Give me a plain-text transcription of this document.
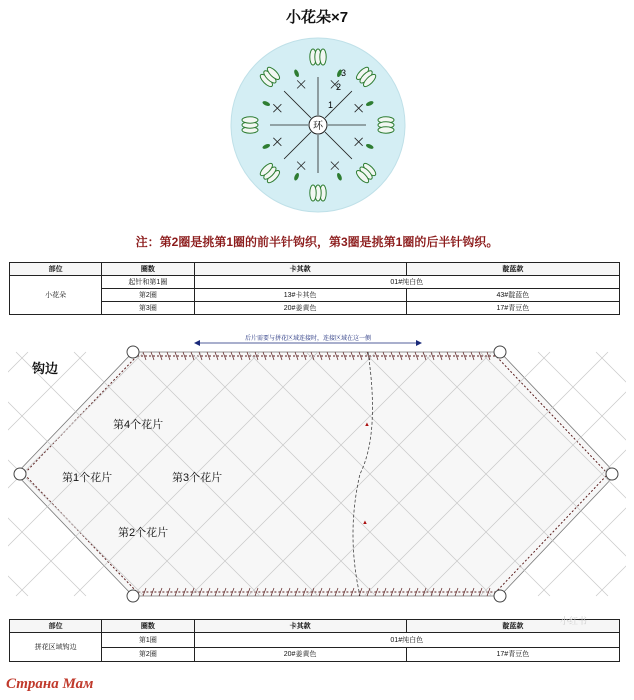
小花朵×7
环
1
2
3
注：第2圈是挑第1圈的前半针钩织，第3圈是挑第1圈的后半针钩织。
部位	圈数	卡其款	靛蓝款
小花朵	起针和第1圈	01#纯白色	
	第2圈	13#卡其色	43#靛蓝色
	第3圈	20#姜黄色	17#青豆色
钩边
后片需要与拼花区域连接时，连接区域在这一侧
▲
▲
第4个花片
第1个花片	第3个花片
第2个花片
部位	圈数	卡其款	靛蓝款
拼花区域钩边	第1圈	01#纯白色	
	第2圈	20#姜黄色	17#青豆色
Страна Мам
小红书
